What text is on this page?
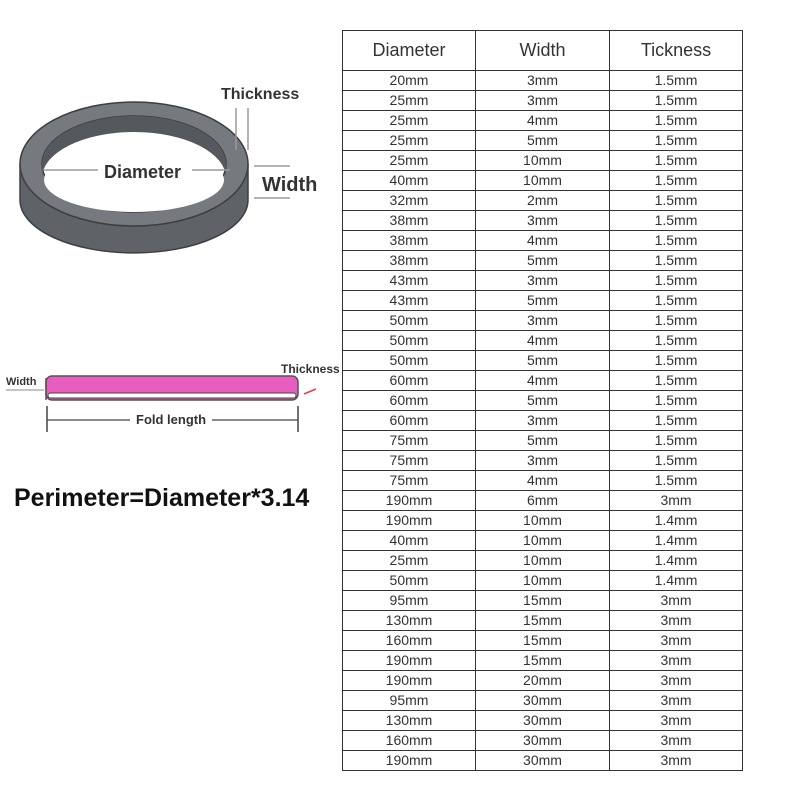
Thickness
Diameter
Width
Width
Thickness
Fold length
Perimeter=Diameter*3.14
Diameter	Width	Tickness
20mm	3mm	1.5mm
25mm	3mm	1.5mm
25mm	4mm	1.5mm
25mm	5mm	1.5mm
25mm	10mm	1.5mm
40mm	10mm	1.5mm
32mm	2mm	1.5mm
38mm	3mm	1.5mm
38mm	4mm	1.5mm
38mm	5mm	1.5mm
43mm	3mm	1.5mm
43mm	5mm	1.5mm
50mm	3mm	1.5mm
50mm	4mm	1.5mm
50mm	5mm	1.5mm
60mm	4mm	1.5mm
60mm	5mm	1.5mm
60mm	3mm	1.5mm
75mm	5mm	1.5mm
75mm	3mm	1.5mm
75mm	4mm	1.5mm
190mm	6mm	3mm
190mm	10mm	1.4mm
40mm	10mm	1.4mm
25mm	10mm	1.4mm
50mm	10mm	1.4mm
95mm	15mm	3mm
130mm	15mm	3mm
160mm	15mm	3mm
190mm	15mm	3mm
190mm	20mm	3mm
95mm	30mm	3mm
130mm	30mm	3mm
160mm	30mm	3mm
190mm	30mm	3mm
